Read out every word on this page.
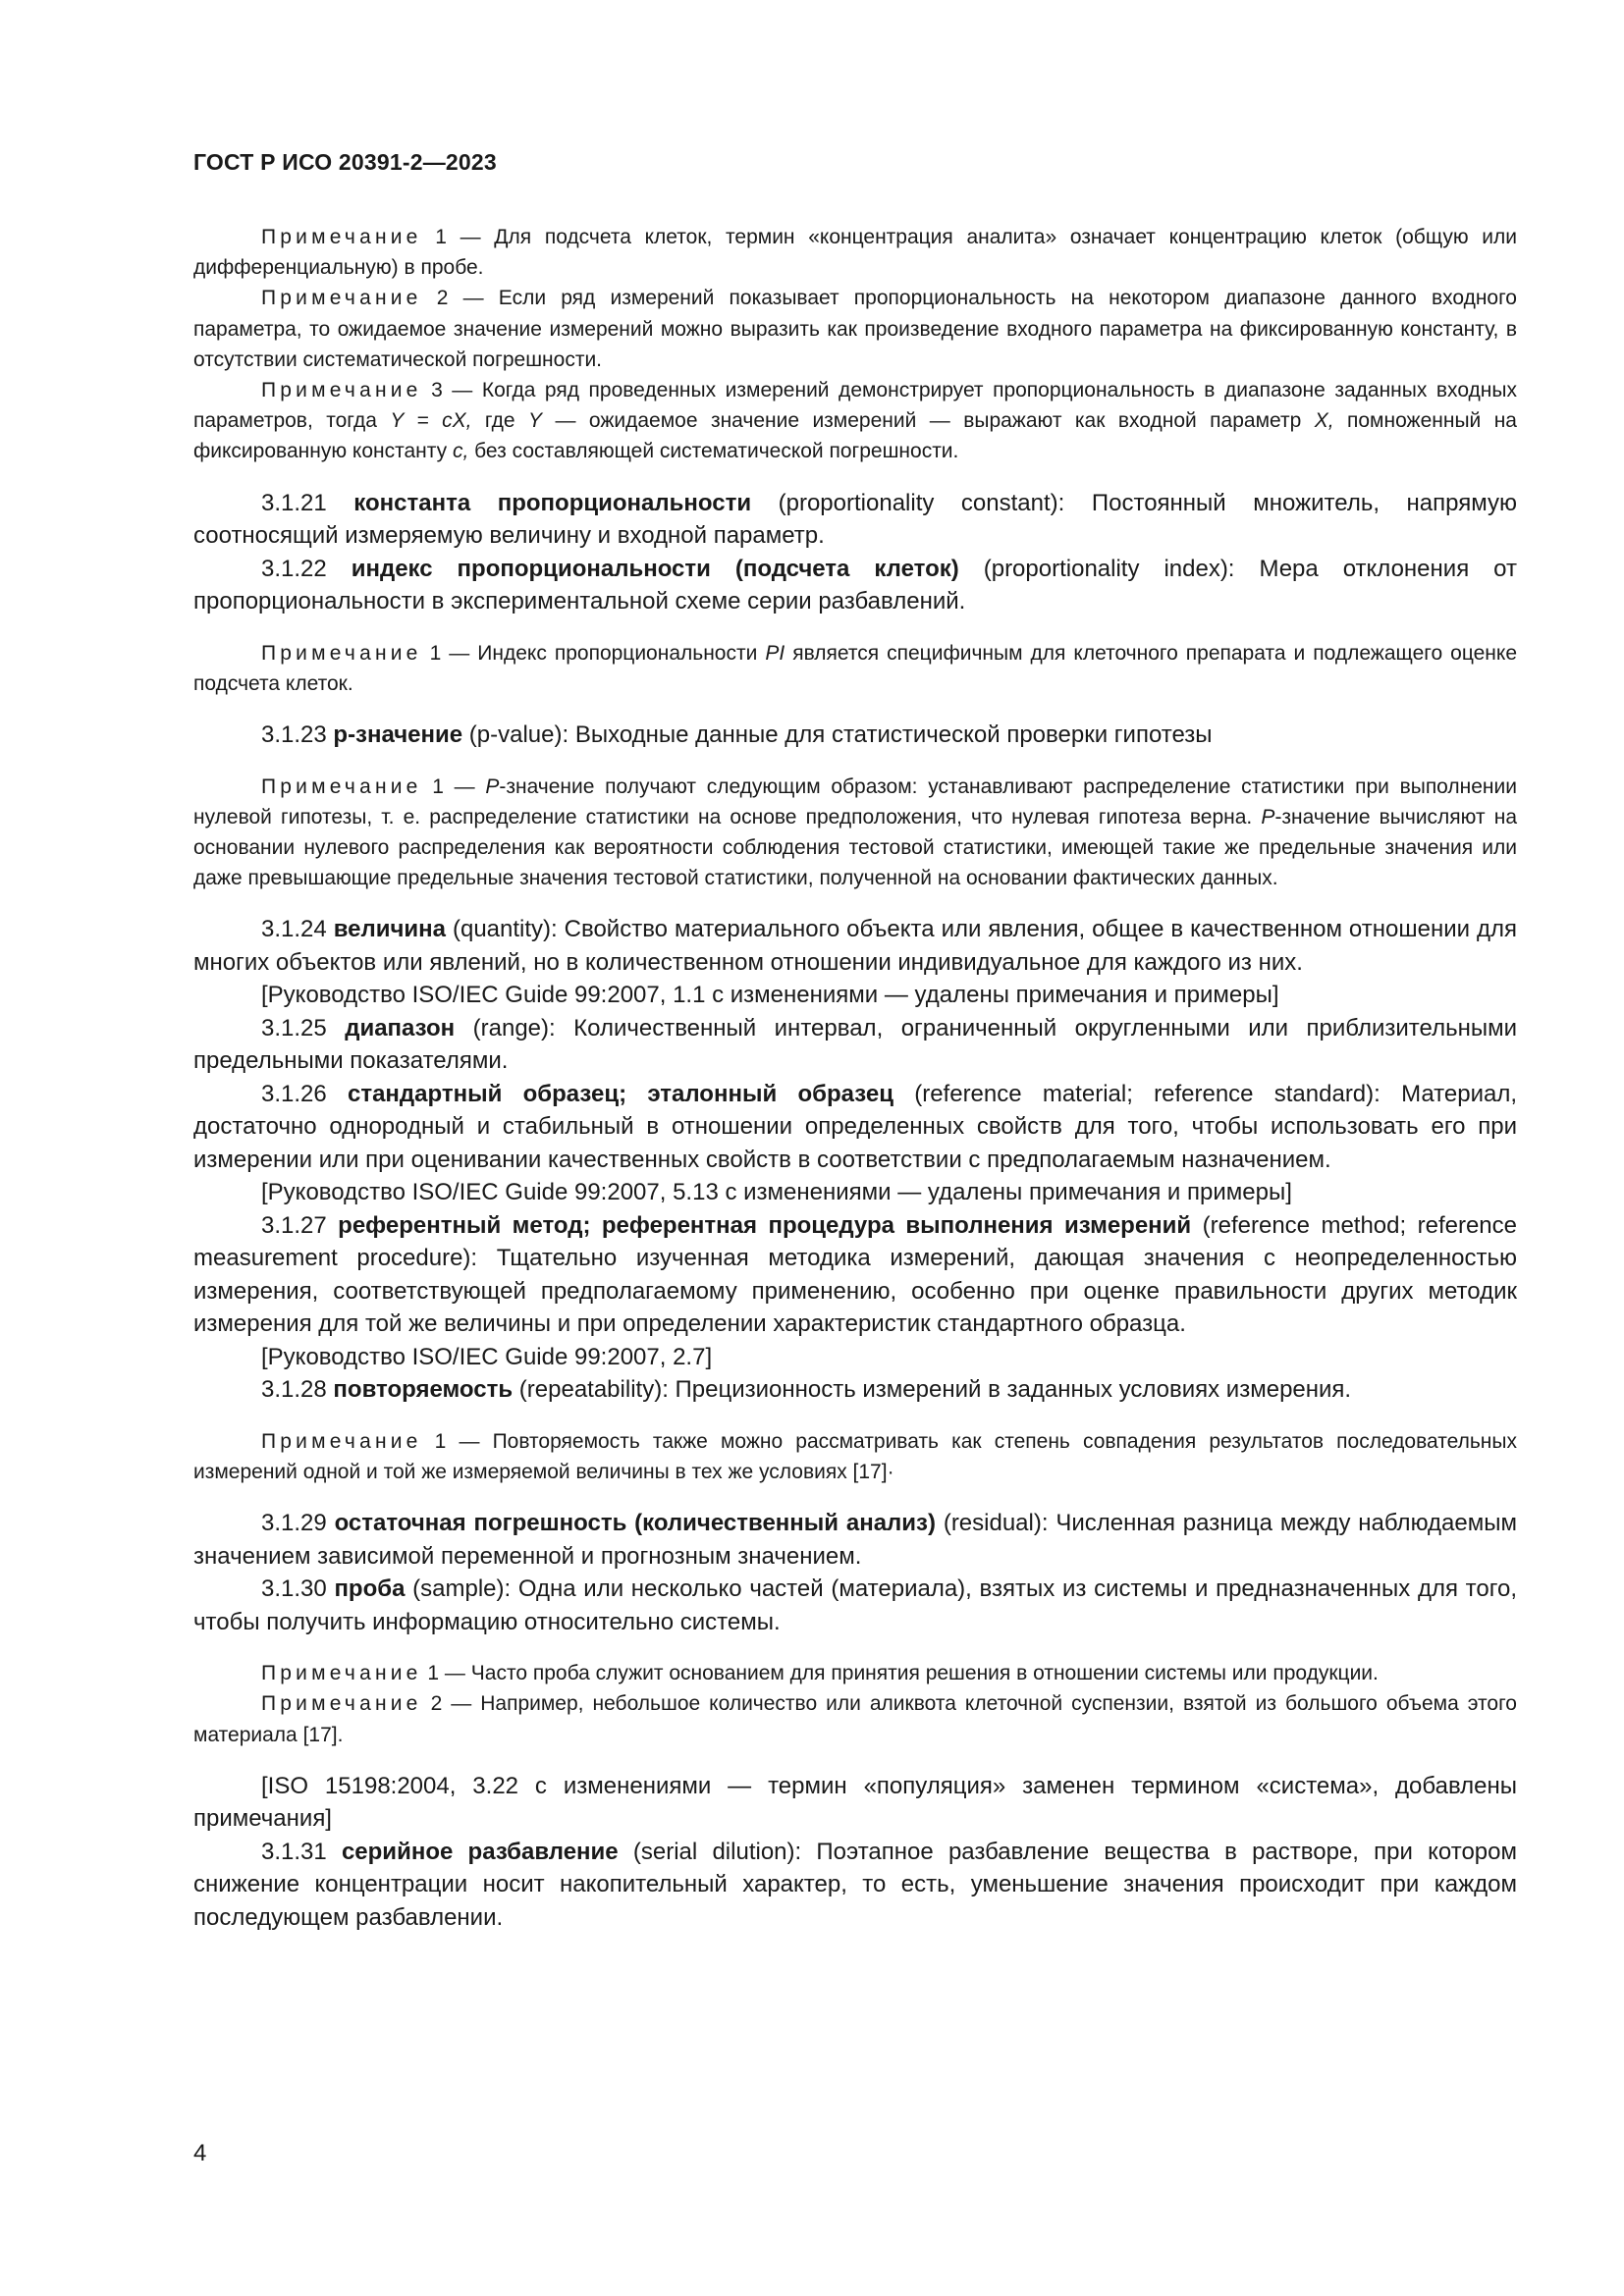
ГОСТ Р ИСО 20391-2—2023

Примечание 1 — Для подсчета клеток, термин «концентрация аналита» означает концентрацию клеток (общую или дифференциальную) в пробе.

Примечание 2 — Если ряд измерений показывает пропорциональность на некотором диапазоне данного входного параметра, то ожидаемое значение измерений можно выразить как произведение входного параметра на фиксированную константу, в отсутствии систематической погрешности.

Примечание 3 — Когда ряд проведенных измерений демонстрирует пропорциональность в диапазоне заданных входных параметров, тогда Y = cX, где Y — ожидаемое значение измерений — выражают как входной параметр X, помноженный на фиксированную константу c, без составляющей систематической погрешности.

3.1.21 константа пропорциональности (proportionality constant): Постоянный множитель, напрямую соотносящий измеряемую величину и входной параметр.

3.1.22 индекс пропорциональности (подсчета клеток) (proportionality index): Мера отклонения от пропорциональности в экспериментальной схеме серии разбавлений.

Примечание 1 — Индекс пропорциональности PI является специфичным для клеточного препарата и подлежащего оценке подсчета клеток.

3.1.23 р-значение (p-value): Выходные данные для статистической проверки гипотезы

Примечание 1 — P-значение получают следующим образом: устанавливают распределение статистики при выполнении нулевой гипотезы, т. е. распределение статистики на основе предположения, что нулевая гипотеза верна. P-значение вычисляют на основании нулевого распределения как вероятности соблюдения тестовой статистики, имеющей такие же предельные значения или даже превышающие предельные значения тестовой статистики, полученной на основании фактических данных.

3.1.24 величина (quantity): Свойство материального объекта или явления, общее в качественном отношении для многих объектов или явлений, но в количественном отношении индивидуальное для каждого из них.

[Руководство ISO/IEC Guide 99:2007, 1.1 с изменениями — удалены примечания и примеры]

3.1.25 диапазон (range): Количественный интервал, ограниченный округленными или приблизительными предельными показателями.

3.1.26 стандартный образец; эталонный образец (reference material; reference standard): Материал, достаточно однородный и стабильный в отношении определенных свойств для того, чтобы использовать его при измерении или при оценивании качественных свойств в соответствии с предполагаемым назначением.

[Руководство ISO/IEC Guide 99:2007, 5.13 с изменениями — удалены примечания и примеры]

3.1.27 референтный метод; референтная процедура выполнения измерений (reference method; reference measurement procedure): Тщательно изученная методика измерений, дающая значения с неопределенностью измерения, соответствующей предполагаемому применению, особенно при оценке правильности других методик измерения для той же величины и при определении характеристик стандартного образца.

[Руководство ISO/IEC Guide 99:2007, 2.7]

3.1.28 повторяемость (repeatability): Прецизионность измерений в заданных условиях измерения.

Примечание 1 — Повторяемость также можно рассматривать как степень совпадения результатов последовательных измерений одной и той же измеряемой величины в тех же условиях [17]·

3.1.29 остаточная погрешность (количественный анализ) (residual): Численная разница между наблюдаемым значением зависимой переменной и прогнозным значением.

3.1.30 проба (sample): Одна или несколько частей (материала), взятых из системы и предназначенных для того, чтобы получить информацию относительно системы.

Примечание 1 — Часто проба служит основанием для принятия решения в отношении системы или продукции.

Примечание 2 — Например, небольшое количество или аликвота клеточной суспензии, взятой из большого объема этого материала [17].

[ISO 15198:2004, 3.22 с изменениями — термин «популяция» заменен термином «система», добавлены примечания]

3.1.31 серийное разбавление (serial dilution): Поэтапное разбавление вещества в растворе, при котором снижение концентрации носит накопительный характер, то есть, уменьшение значения происходит при каждом последующем разбавлении.

4
